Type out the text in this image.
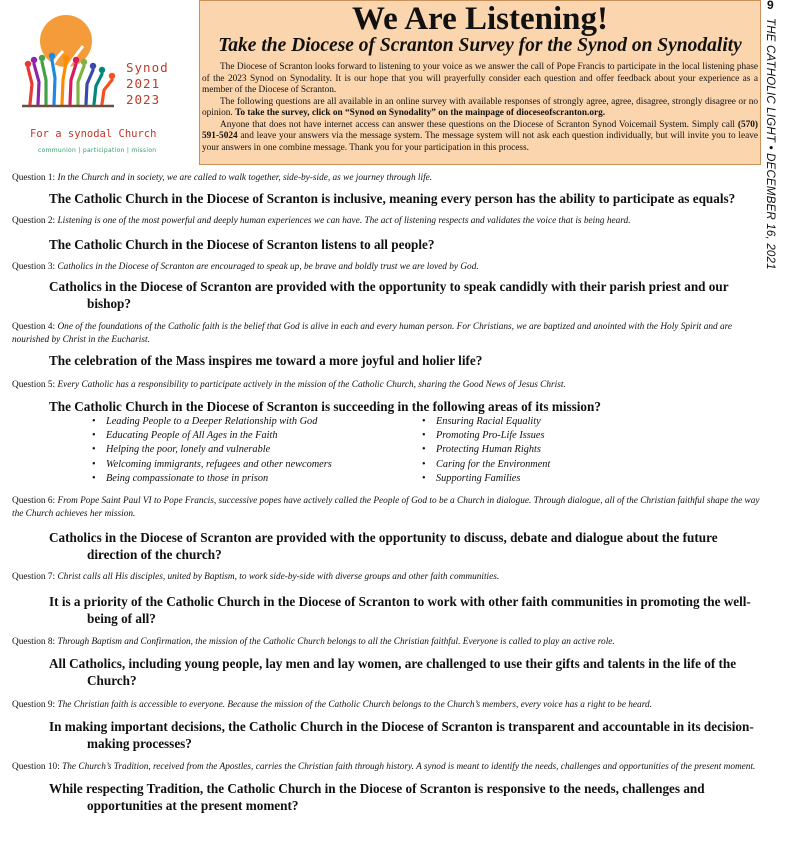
Synod
2021
2023
For a synodal Church
communion | participation | mission
We Are Listening!
Take the Diocese of Scranton Survey for the Synod on Synodality

The Diocese of Scranton looks forward to listening to your voice as we answer the call of Pope Francis to participate in the local listening phase of the 2023 Synod on Synodality. It is our hope that you will prayerfully consider each question and offer feedback about your experience as a member of the Diocese of Scranton.

The following questions are all available in an online survey with available responses of strongly agree, agree, disagree, strongly disagree or no opinion. To take the survey, click on “Synod on Synodality” on the mainpage of dioceseofscranton.org.

Anyone that does not have internet access can answer these questions on the Diocese of Scranton Synod Voicemail System. Simply call (570) 591-5024 and leave your answers via the message system. The message system will not ask each question individually, but will invite you to leave your answers in one combine message. Thank you for your participation in this process.

9
THE CATHOLIC LIGHT • DECEMBER 16, 2021
Question 1: In the Church and in society, we are called to walk together, side-by-side, as we journey through life.
The Catholic Church in the Diocese of Scranton is inclusive, meaning every person has the ability to participate as equals?
Question 2: Listening is one of the most powerful and deeply human experiences we can have. The act of listening respects and validates the voice that is being heard.
The Catholic Church in the Diocese of Scranton listens to all people?
Question 3: Catholics in the Diocese of Scranton are encouraged to speak up, be brave and boldly trust we are loved by God.
Catholics in the Diocese of Scranton are provided with the opportunity to speak candidly with their parish priest and our bishop?
Question 4: One of the foundations of the Catholic faith is the belief that God is alive in each and every human person. For Christians, we are baptized and anointed with the Holy Spirit and are nourished by Christ in the Eucharist.
The celebration of the Mass inspires me toward a more joyful and holier life?
Question 5: Every Catholic has a responsibility to participate actively in the mission of the Catholic Church, sharing the Good News of Jesus Christ.
The Catholic Church in the Diocese of Scranton is succeeding in the following areas of its mission?
• Leading People to a Deeper Relationship with God
• Educating People of All Ages in the Faith
• Helping the poor, lonely and vulnerable
• Welcoming immigrants, refugees and other newcomers
• Being compassionate to those in prison
• Ensuring Racial Equality
• Promoting Pro-Life Issues
• Protecting Human Rights
• Caring for the Environment
• Supporting Families
Question 6: From Pope Saint Paul VI to Pope Francis, successive popes have actively called the People of God to be a Church in dialogue. Through dialogue, all of the Christian faithful shape the way the Church achieves her mission.
Catholics in the Diocese of Scranton are provided with the opportunity to discuss, debate and dialogue about the future direction of the church?
Question 7: Christ calls all His disciples, united by Baptism, to work side-by-side with diverse groups and other faith communities.
It is a priority of the Catholic Church in the Diocese of Scranton to work with other faith communities in promoting the well-being of all?
Question 8: Through Baptism and Confirmation, the mission of the Catholic Church belongs to all the Christian faithful. Everyone is called to play an active role.
All Catholics, including young people, lay men and lay women, are challenged to use their gifts and talents in the life of the Church?
Question 9: The Christian faith is accessible to everyone. Because the mission of the Catholic Church belongs to the Church’s members, every voice has a right to be heard.
In making important decisions, the Catholic Church in the Diocese of Scranton is transparent and accountable in its decision-making processes?
Question 10: The Church’s Tradition, received from the Apostles, carries the Christian faith through history. A synod is meant to identify the needs, challenges and opportunities of the present moment.
While respecting Tradition, the Catholic Church in the Diocese of Scranton is responsive to the needs, challenges and opportunities at the present moment?
